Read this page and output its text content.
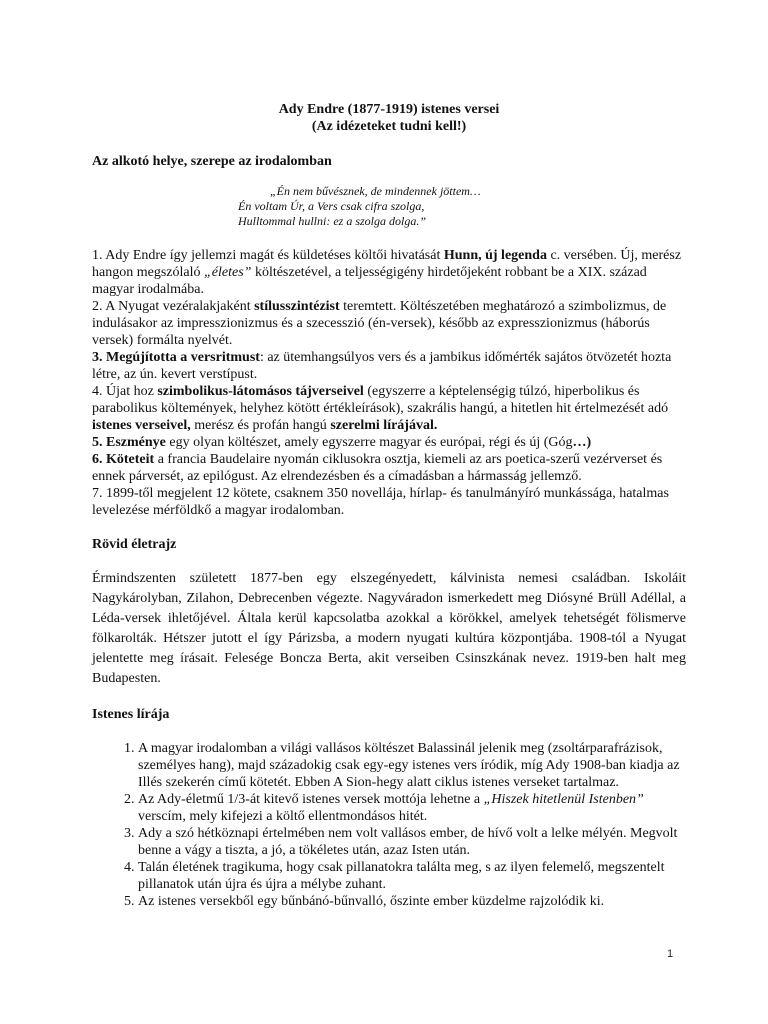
Ady Endre (1877-1919) istenes versei
(Az idézeteket tudni kell!)
Az alkotó helye, szerepe az irodalomban
„Én nem bűvésznek, de mindennek jöttem…
Én voltam Úr, a Vers csak cifra szolga,
Hulltommal hullni: ez a szolga dolga.”

1. Ady Endre így jellemzi magát és küldetéses költői hivatását Hunn, új legenda c. versében. Új, merész hangon megszólaló „életes” költészetével, a teljességigény hirdetőjeként robbant be a XIX. század magyar irodalmába.

2. A Nyugat vezéralakjaként stílusszintézist teremtett. Költészetében meghatározó a szimbolizmus, de indulásakor az impresszionizmus és a szecesszió (én-versek), később az expresszionizmus (háborús versek) formálta nyelvét.

3. Megújította a versritmust: az ütemhangsúlyos vers és a jambikus időmérték sajátos ötvözetét hozta létre, az ún. kevert verstípust.

4. Újat hoz szimbolikus-látomásos tájverseivel (egyszerre a képtelenségig túlzó, hiperbolikus és parabolikus költemények, helyhez kötött értékleírások), szakrális hangú, a hitetlen hit értelmezését adó istenes verseivel, merész és profán hangú szerelmi lírájával.

5. Eszménye egy olyan költészet, amely egyszerre magyar és európai, régi és új (Góg…)

6. Köteteit a francia Baudelaire nyomán ciklusokra osztja, kiemeli az ars poetica-szerű vezérverset és ennek párversét, az epilógust. Az elrendezésben és a címadásban a hármasság jellemző.

7. 1899-től megjelent 12 kötete, csaknem 350 novellája, hírlap- és tanulmányíró munkássága, hatalmas levelezése mérföldkő a magyar irodalomban.

Rövid életrajz

Érmindszenten született 1877-ben egy elszegényedett, kálvinista nemesi családban. Iskoláit Nagykárolyban, Zilahon, Debrecenben végezte. Nagyváradon ismerkedett meg Diósyné Brüll Adéllal, a Léda-versek ihletőjével. Általa kerül kapcsolatba azokkal a körökkel, amelyek tehetségét fölismerve fölkarolták. Hétszer jutott el így Párizsba, a modern nyugati kultúra központjába. 1908-tól a Nyugat jelentette meg írásait. Felesége Boncza Berta, akit verseiben Csinszkának nevez. 1919-ben halt meg Budapesten.

Istenes lírája
1. A magyar irodalomban a világi vallásos költészet Balassinál jelenik meg (zsoltárparafrázisok, személyes hang), majd századokig csak egy-egy istenes vers íródik, míg Ady 1908-ban kiadja az Illés szekerén című kötetét. Ebben A Sion-hegy alatt ciklus istenes verseket tartalmaz.
2. Az Ady-életmű 1/3-át kitevő istenes versek mottója lehetne a „Hiszek hitetlenül Istenben” verscím, mely kifejezi a költő ellentmondásos hitét.
3. Ady a szó hétköznapi értelmében nem volt vallásos ember, de hívő volt a lelke mélyén. Megvolt benne a vágy a tiszta, a jó, a tökéletes után, azaz Isten után.
4. Talán életének tragikuma, hogy csak pillanatokra találta meg, s az ilyen felemelő, megszentelt pillanatok után újra és újra a mélybe zuhant.
5. Az istenes versekből egy bűnbánó-bűnvalló, őszinte ember küzdelme rajzolódik ki.
1
